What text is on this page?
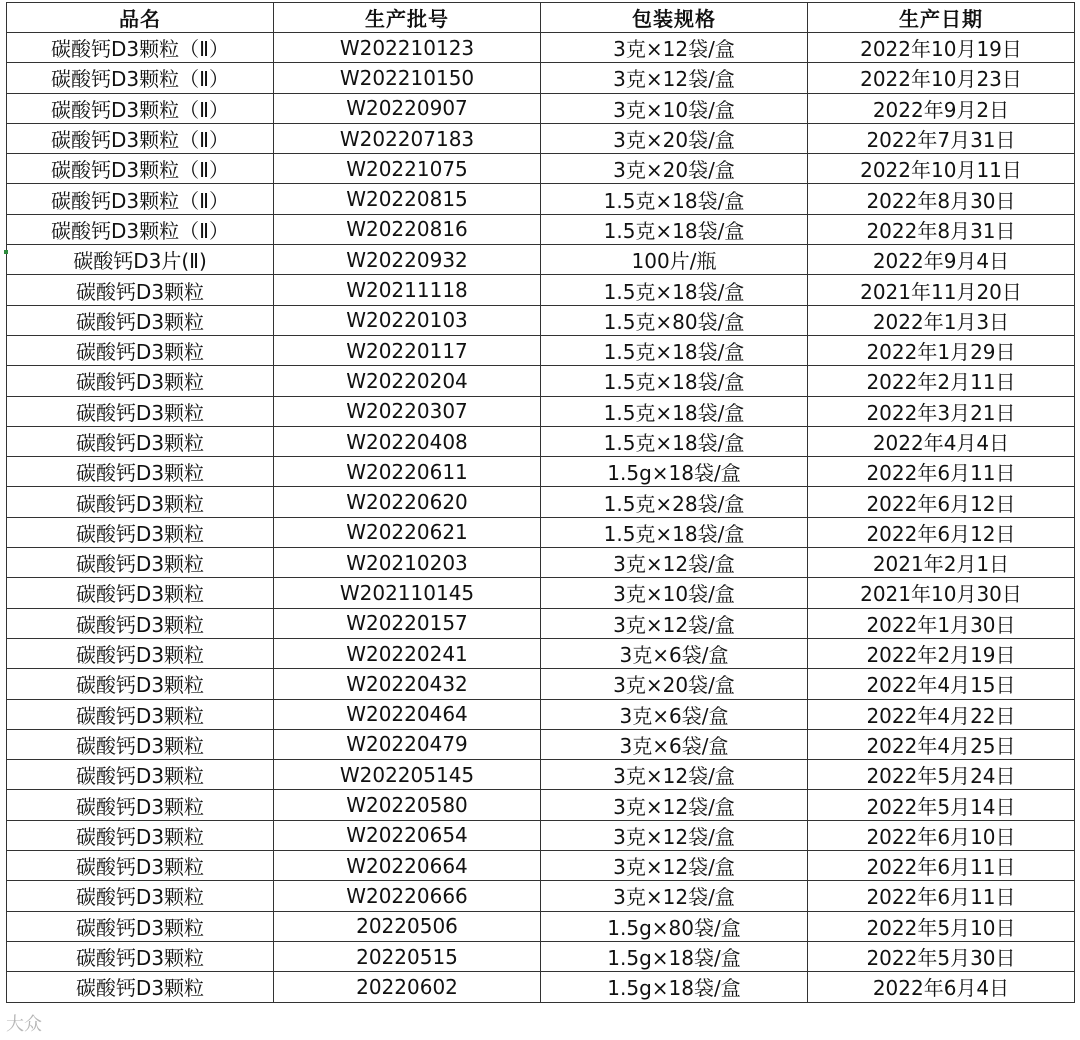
品名	生产批号	包装规格	生产日期
碳酸钙D3颗粒（Ⅱ）	W202210123	3克×12袋/盒	2022年10月19日
碳酸钙D3颗粒（Ⅱ）	W202210150	3克×12袋/盒	2022年10月23日
碳酸钙D3颗粒（Ⅱ）	W20220907	3克×10袋/盒	2022年9月2日
碳酸钙D3颗粒（Ⅱ）	W202207183	3克×20袋/盒	2022年7月31日
碳酸钙D3颗粒（Ⅱ）	W20221075	3克×20袋/盒	2022年10月11日
碳酸钙D3颗粒（Ⅱ）	W20220815	1.5克×18袋/盒	2022年8月30日
碳酸钙D3颗粒（Ⅱ）	W20220816	1.5克×18袋/盒	2022年8月31日
碳酸钙D3片(Ⅱ)	W20220932	100片/瓶	2022年9月4日
碳酸钙D3颗粒	W20211118	1.5克×18袋/盒	2021年11月20日
碳酸钙D3颗粒	W20220103	1.5克×80袋/盒	2022年1月3日
碳酸钙D3颗粒	W20220117	1.5克×18袋/盒	2022年1月29日
碳酸钙D3颗粒	W20220204	1.5克×18袋/盒	2022年2月11日
碳酸钙D3颗粒	W20220307	1.5克×18袋/盒	2022年3月21日
碳酸钙D3颗粒	W20220408	1.5克×18袋/盒	2022年4月4日
碳酸钙D3颗粒	W20220611	1.5g×18袋/盒	2022年6月11日
碳酸钙D3颗粒	W20220620	1.5克×28袋/盒	2022年6月12日
碳酸钙D3颗粒	W20220621	1.5克×18袋/盒	2022年6月12日
碳酸钙D3颗粒	W20210203	3克×12袋/盒	2021年2月1日
碳酸钙D3颗粒	W202110145	3克×10袋/盒	2021年10月30日
碳酸钙D3颗粒	W20220157	3克×12袋/盒	2022年1月30日
碳酸钙D3颗粒	W20220241	3克×6袋/盒	2022年2月19日
碳酸钙D3颗粒	W20220432	3克×20袋/盒	2022年4月15日
碳酸钙D3颗粒	W20220464	3克×6袋/盒	2022年4月22日
碳酸钙D3颗粒	W20220479	3克×6袋/盒	2022年4月25日
碳酸钙D3颗粒	W202205145	3克×12袋/盒	2022年5月24日
碳酸钙D3颗粒	W20220580	3克×12袋/盒	2022年5月14日
碳酸钙D3颗粒	W20220654	3克×12袋/盒	2022年6月10日
碳酸钙D3颗粒	W20220664	3克×12袋/盒	2022年6月11日
碳酸钙D3颗粒	W20220666	3克×12袋/盒	2022年6月11日
碳酸钙D3颗粒	20220506	1.5g×80袋/盒	2022年5月10日
碳酸钙D3颗粒	20220515	1.5g×18袋/盒	2022年5月30日
碳酸钙D3颗粒	20220602	1.5g×18袋/盒	2022年6月4日
大众
